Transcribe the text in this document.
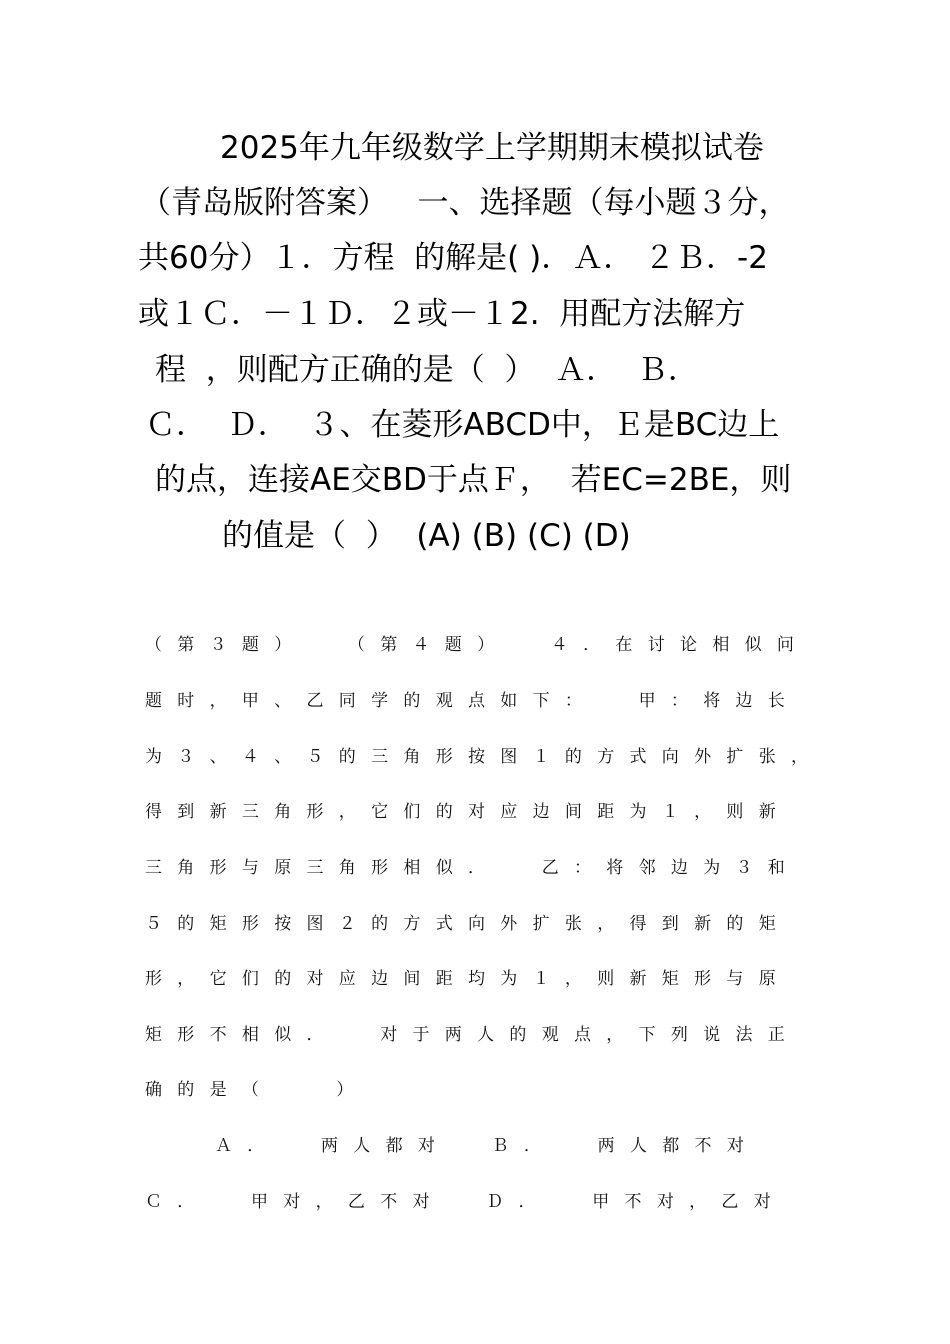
2025年九年级数学上学期期末模拟试卷
（青岛版附答案）   一、选择题（每小题３分，
共60分）１．方程  的解是( )．Ａ． ２Ｂ．-2
或１Ｃ．－１Ｄ．２或－１2.  用配方法解方
程  ，则配方正确的是（  ）  Ａ．  Ｂ．
Ｃ．  Ｄ．  ３、在菱形ABCD中，Ｅ是BC边上
的点，连接AE交BD于点Ｆ，  若EC=2BE，则
的值是（  ）  (A) (B) (C) (D)
（第３题）  （第４题）  ４．在讨论相似问
题时，甲、乙同学的观点如下：  甲：将边长
为３、４、５的三角形按图１的方式向外扩张，
得到新三角形，它们的对应边间距为１，则新
三角形与原三角形相似．  乙：将邻边为３和
５的矩形按图２的方式向外扩张，得到新的矩
形，它们的对应边间距均为１，则新矩形与原
矩形不相似．  对于两人的观点，下列说法正
确的是（   ）
Ａ．  两人都对  Ｂ．  两人都不对
Ｃ．  甲对，乙不对  Ｄ．  甲不对，乙对
